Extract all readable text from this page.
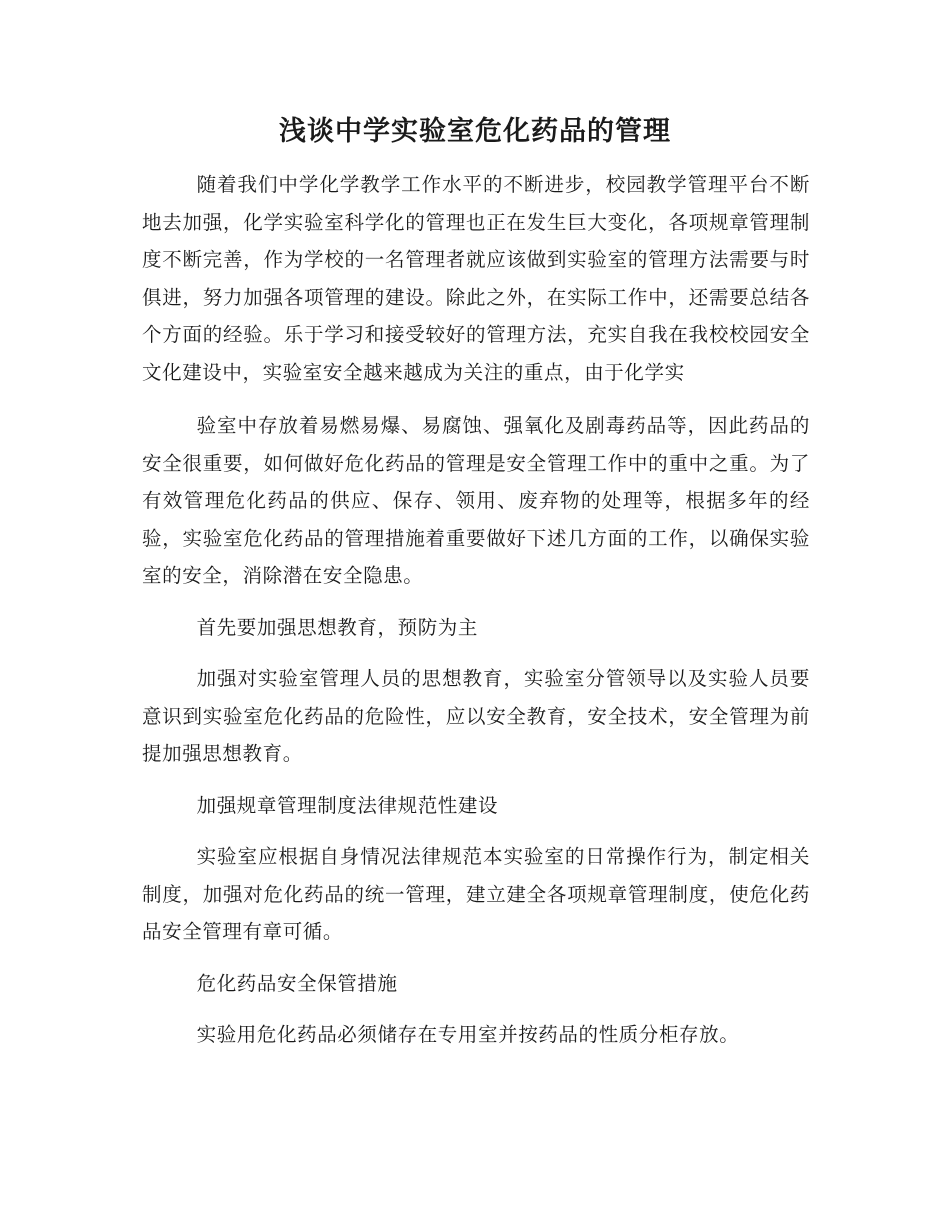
浅谈中学实验室危化药品的管理

随着我们中学化学教学工作水平的不断进步，校园教学管理平台不断地去加强，化学实验室科学化的管理也正在发生巨大变化，各项规章管理制度不断完善，作为学校的一名管理者就应该做到实验室的管理方法需要与时俱进，努力加强各项管理的建设。除此之外，在实际工作中，还需要总结各个方面的经验。乐于学习和接受较好的管理方法，充实自我在我校校园安全文化建设中，实验室安全越来越成为关注的重点，由于化学实

验室中存放着易燃易爆、易腐蚀、强氧化及剧毒药品等，因此药品的安全很重要，如何做好危化药品的管理是安全管理工作中的重中之重。为了有效管理危化药品的供应、保存、领用、废弃物的处理等，根据多年的经验，实验室危化药品的管理措施着重要做好下述几方面的工作，以确保实验室的安全，消除潜在安全隐患。

首先要加强思想教育，预防为主

加强对实验室管理人员的思想教育，实验室分管领导以及实验人员要意识到实验室危化药品的危险性，应以安全教育，安全技术，安全管理为前提加强思想教育。

加强规章管理制度法律规范性建设

实验室应根据自身情况法律规范本实验室的日常操作行为，制定相关制度，加强对危化药品的统一管理，建立建全各项规章管理制度，使危化药品安全管理有章可循。

危化药品安全保管措施

实验用危化药品必须储存在专用室并按药品的性质分柜存放。
